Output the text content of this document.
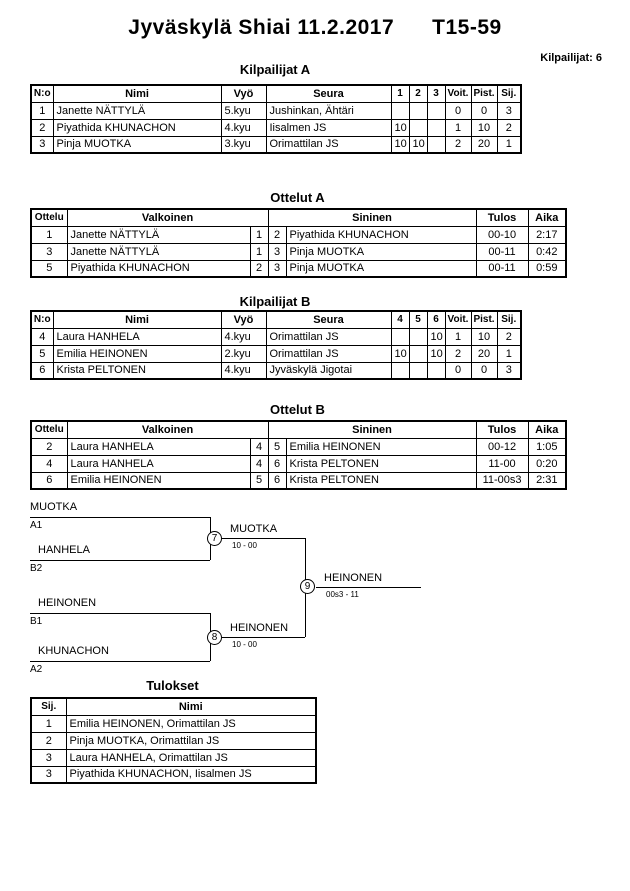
Jyväskylä Shiai 11.2.2017 T15-59
Kilpailijat: 6
Kilpailijat A
N:o	Nimi	Vyö	Seura	1	2	3	Voit.	Pist.	Sij.
1	Janette NÄTTYLÄ	5.kyu	Jushinkan, Ähtäri				0	0	3
2	Piyathida KHUNACHON	4.kyu	Iisalmen JS	10			1	10	2
3	Pinja MUOTKA	3.kyu	Orimattilan JS	10	10		2	20	1
Ottelut A
Ottelu	Valkoinen		Sininen		Tulos	Aika
1	Janette NÄTTYLÄ	1	2	Piyathida KHUNACHON	00-10	2:17
3	Janette NÄTTYLÄ	1	3	Pinja MUOTKA	00-11	0:42
5	Piyathida KHUNACHON	2	3	Pinja MUOTKA	00-11	0:59
Kilpailijat B
N:o	Nimi	Vyö	Seura	4	5	6	Voit.	Pist.	Sij.
4	Laura HANHELA	4.kyu	Orimattilan JS			10	1	10	2
5	Emilia HEINONEN	2.kyu	Orimattilan JS	10		10	2	20	1
6	Krista PELTONEN	4.kyu	Jyväskylä Jigotai				0	0	3
Ottelut B
Ottelu	Valkoinen		Sininen		Tulos	Aika
2	Laura HANHELA	4	5	Emilia HEINONEN	00-12	1:05
4	Laura HANHELA	4	6	Krista PELTONEN	11-00	0:20
6	Emilia HEINONEN	5	6	Krista PELTONEN	11-00s3	2:31
MUOTKA
A1
HANHELA
B2
MUOTKA
10 - 00
HEINONEN
B1
KHUNACHON
A2
HEINONEN
10 - 00
HEINONEN
00s3 - 11
7
8
9
Tulokset
Sij.	Nimi
1	Emilia HEINONEN, Orimattilan JS
2	Pinja MUOTKA, Orimattilan JS
3	Laura HANHELA, Orimattilan JS
3	Piyathida KHUNACHON, Iisalmen JS
